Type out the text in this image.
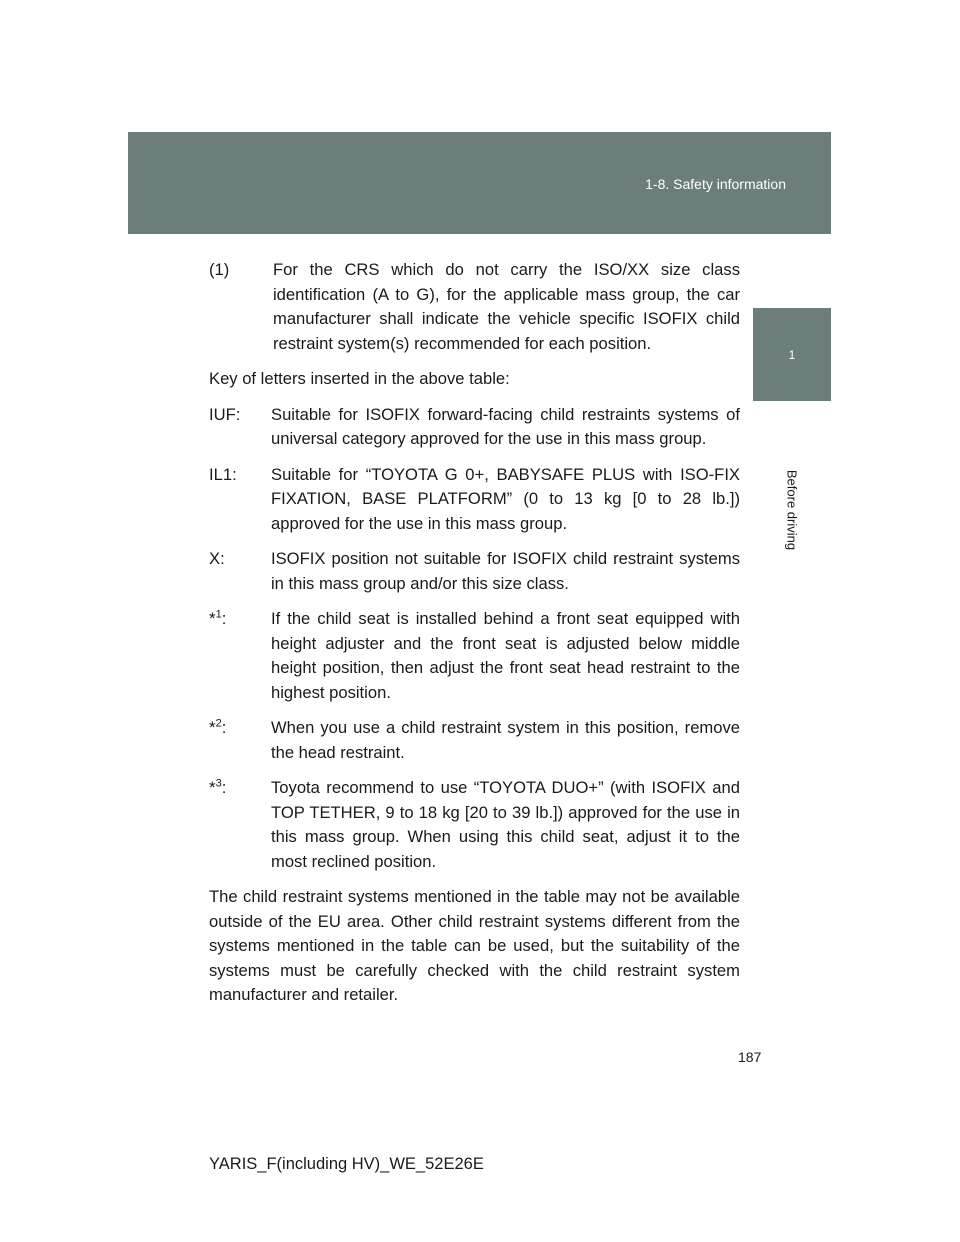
1-8. Safety information
1
Before driving
(1)	For the CRS which do not carry the ISO/XX size class identification (A to G), for the applicable mass group, the car manufacturer shall indicate the vehicle specific ISOFIX child restraint system(s) recommended for each position.

Key of letters inserted in the above table:

IUF:	Suitable for ISOFIX forward-facing child restraints systems of universal category approved for the use in this mass group.
IL1:	Suitable for “TOYOTA G 0+, BABYSAFE PLUS with ISO-FIX FIXATION, BASE PLATFORM” (0 to 13 kg [0 to 28 lb.]) approved for the use in this mass group.
X:	ISOFIX position not suitable for ISOFIX child restraint systems in this mass group and/or this size class.
*$^1$:	If the child seat is installed behind a front seat equipped with height adjuster and the front seat is adjusted below middle height position, then adjust the front seat head restraint to the highest position.
*$^2$:	When you use a child restraint system in this position, remove the head restraint.
*$^3$:	Toyota recommend to use “TOYOTA DUO+” (with ISOFIX and TOP TETHER, 9 to 18 kg [20 to 39 lb.]) approved for the use in this mass group. When using this child seat, adjust it to the most reclined position.

The child restraint systems mentioned in the table may not be available outside of the EU area. Other child restraint systems different from the systems mentioned in the table can be used, but the suitability of the systems must be carefully checked with the child restraint system manufacturer and retailer.

187
YARIS_F(including HV)_WE_52E26E
